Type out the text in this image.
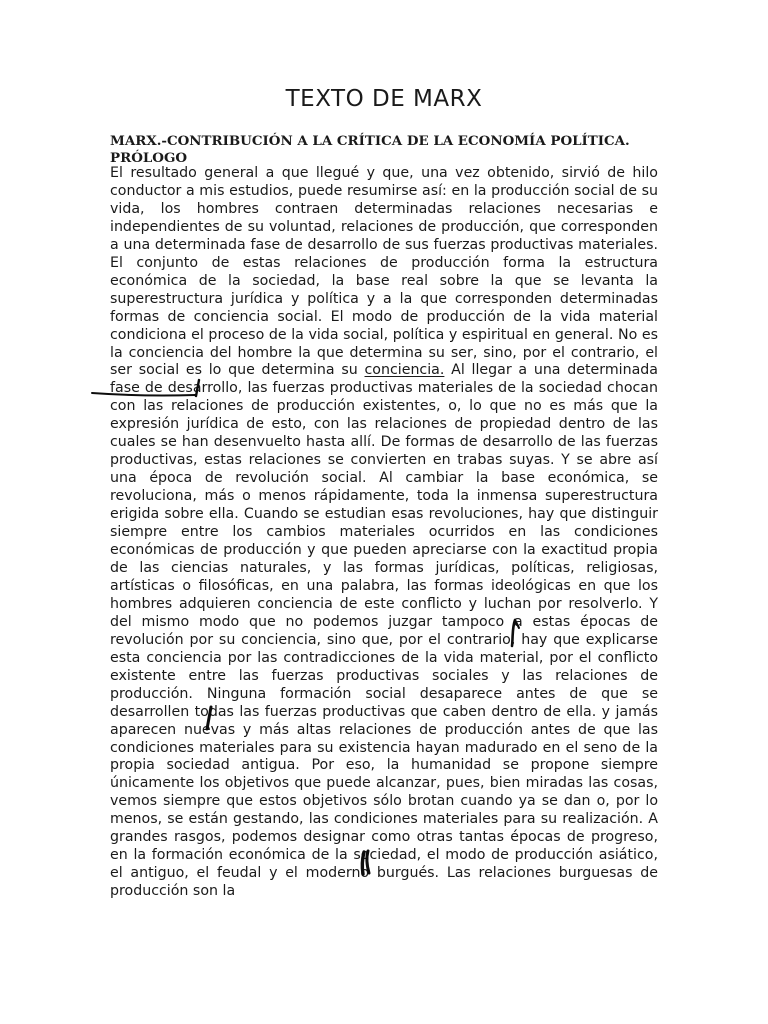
TEXTO DE MARX

MARX.-CONTRIBUCIÓN A LA CRÍTICA DE LA ECONOMÍA POLÍTICA. PRÓLOGO

El resultado general a que llegué y que, una vez obtenido, sirvió de hilo conductor a mis estudios, puede resumirse así: en la producción social de su vida, los hombres contraen determinadas relaciones necesarias e independientes de su voluntad, relaciones de producción, que corresponden a una determinada fase de desarrollo de sus fuerzas productivas materiales. El conjunto de estas relaciones de producción forma la estructura económica de la sociedad, la base real sobre la que se levanta la superestructura jurídica y política y a la que corresponden determinadas formas de conciencia social. El modo de producción de la vida material condiciona el proceso de la vida social, política y espiritual en general. No es la conciencia del hombre la que determina su ser, sino, por el contrario, el ser social es lo que determina su conciencia. Al llegar a una determinada fase de desarrollo, las fuerzas productivas materiales de la sociedad chocan con las relaciones de producción existentes, o, lo que no es más que la expresión jurídica de esto, con las relaciones de propiedad dentro de las cuales se han desenvuelto hasta allí. De formas de desarrollo de las fuerzas productivas, estas relaciones se convierten en trabas suyas. Y se abre así una época de revolución social. Al cambiar la base económica, se revoluciona, más o menos rápidamente, toda la inmensa superestructura erigida sobre ella. Cuando se estudian esas revoluciones, hay que distinguir siempre entre los cambios materiales ocurridos en las condiciones económicas de producción y que pueden apreciarse con la exactitud propia de las ciencias naturales, y las formas jurídicas, políticas, religiosas, artísticas o filosóficas, en una palabra, las formas ideológicas en que los hombres adquieren conciencia de este conflicto y luchan por resolverlo. Y del mismo modo que no podemos juzgar tampoco a estas épocas de revolución por su conciencia, sino que, por el contrario, hay que explicarse esta conciencia por las contradicciones de la vida material, por el conflicto existente entre las fuerzas productivas sociales y las relaciones de producción. Ninguna formación social desaparece antes de que se desarrollen todas las fuerzas productivas que caben dentro de ella. y jamás aparecen nuevas y más altas relaciones de producción antes de que las condiciones materiales para su existencia hayan madurado en el seno de la propia sociedad antigua. Por eso, la humanidad se propone siempre únicamente los objetivos que puede alcanzar, pues, bien miradas las cosas, vemos siempre que estos objetivos sólo brotan cuando ya se dan o, por lo menos, se están gestando, las condiciones materiales para su realización. A grandes rasgos, podemos designar como otras tantas épocas de progreso, en la formación económica de la sociedad, el modo de producción asiático, el antiguo, el feudal y el moderno burgués. Las relaciones burguesas de producción son la
